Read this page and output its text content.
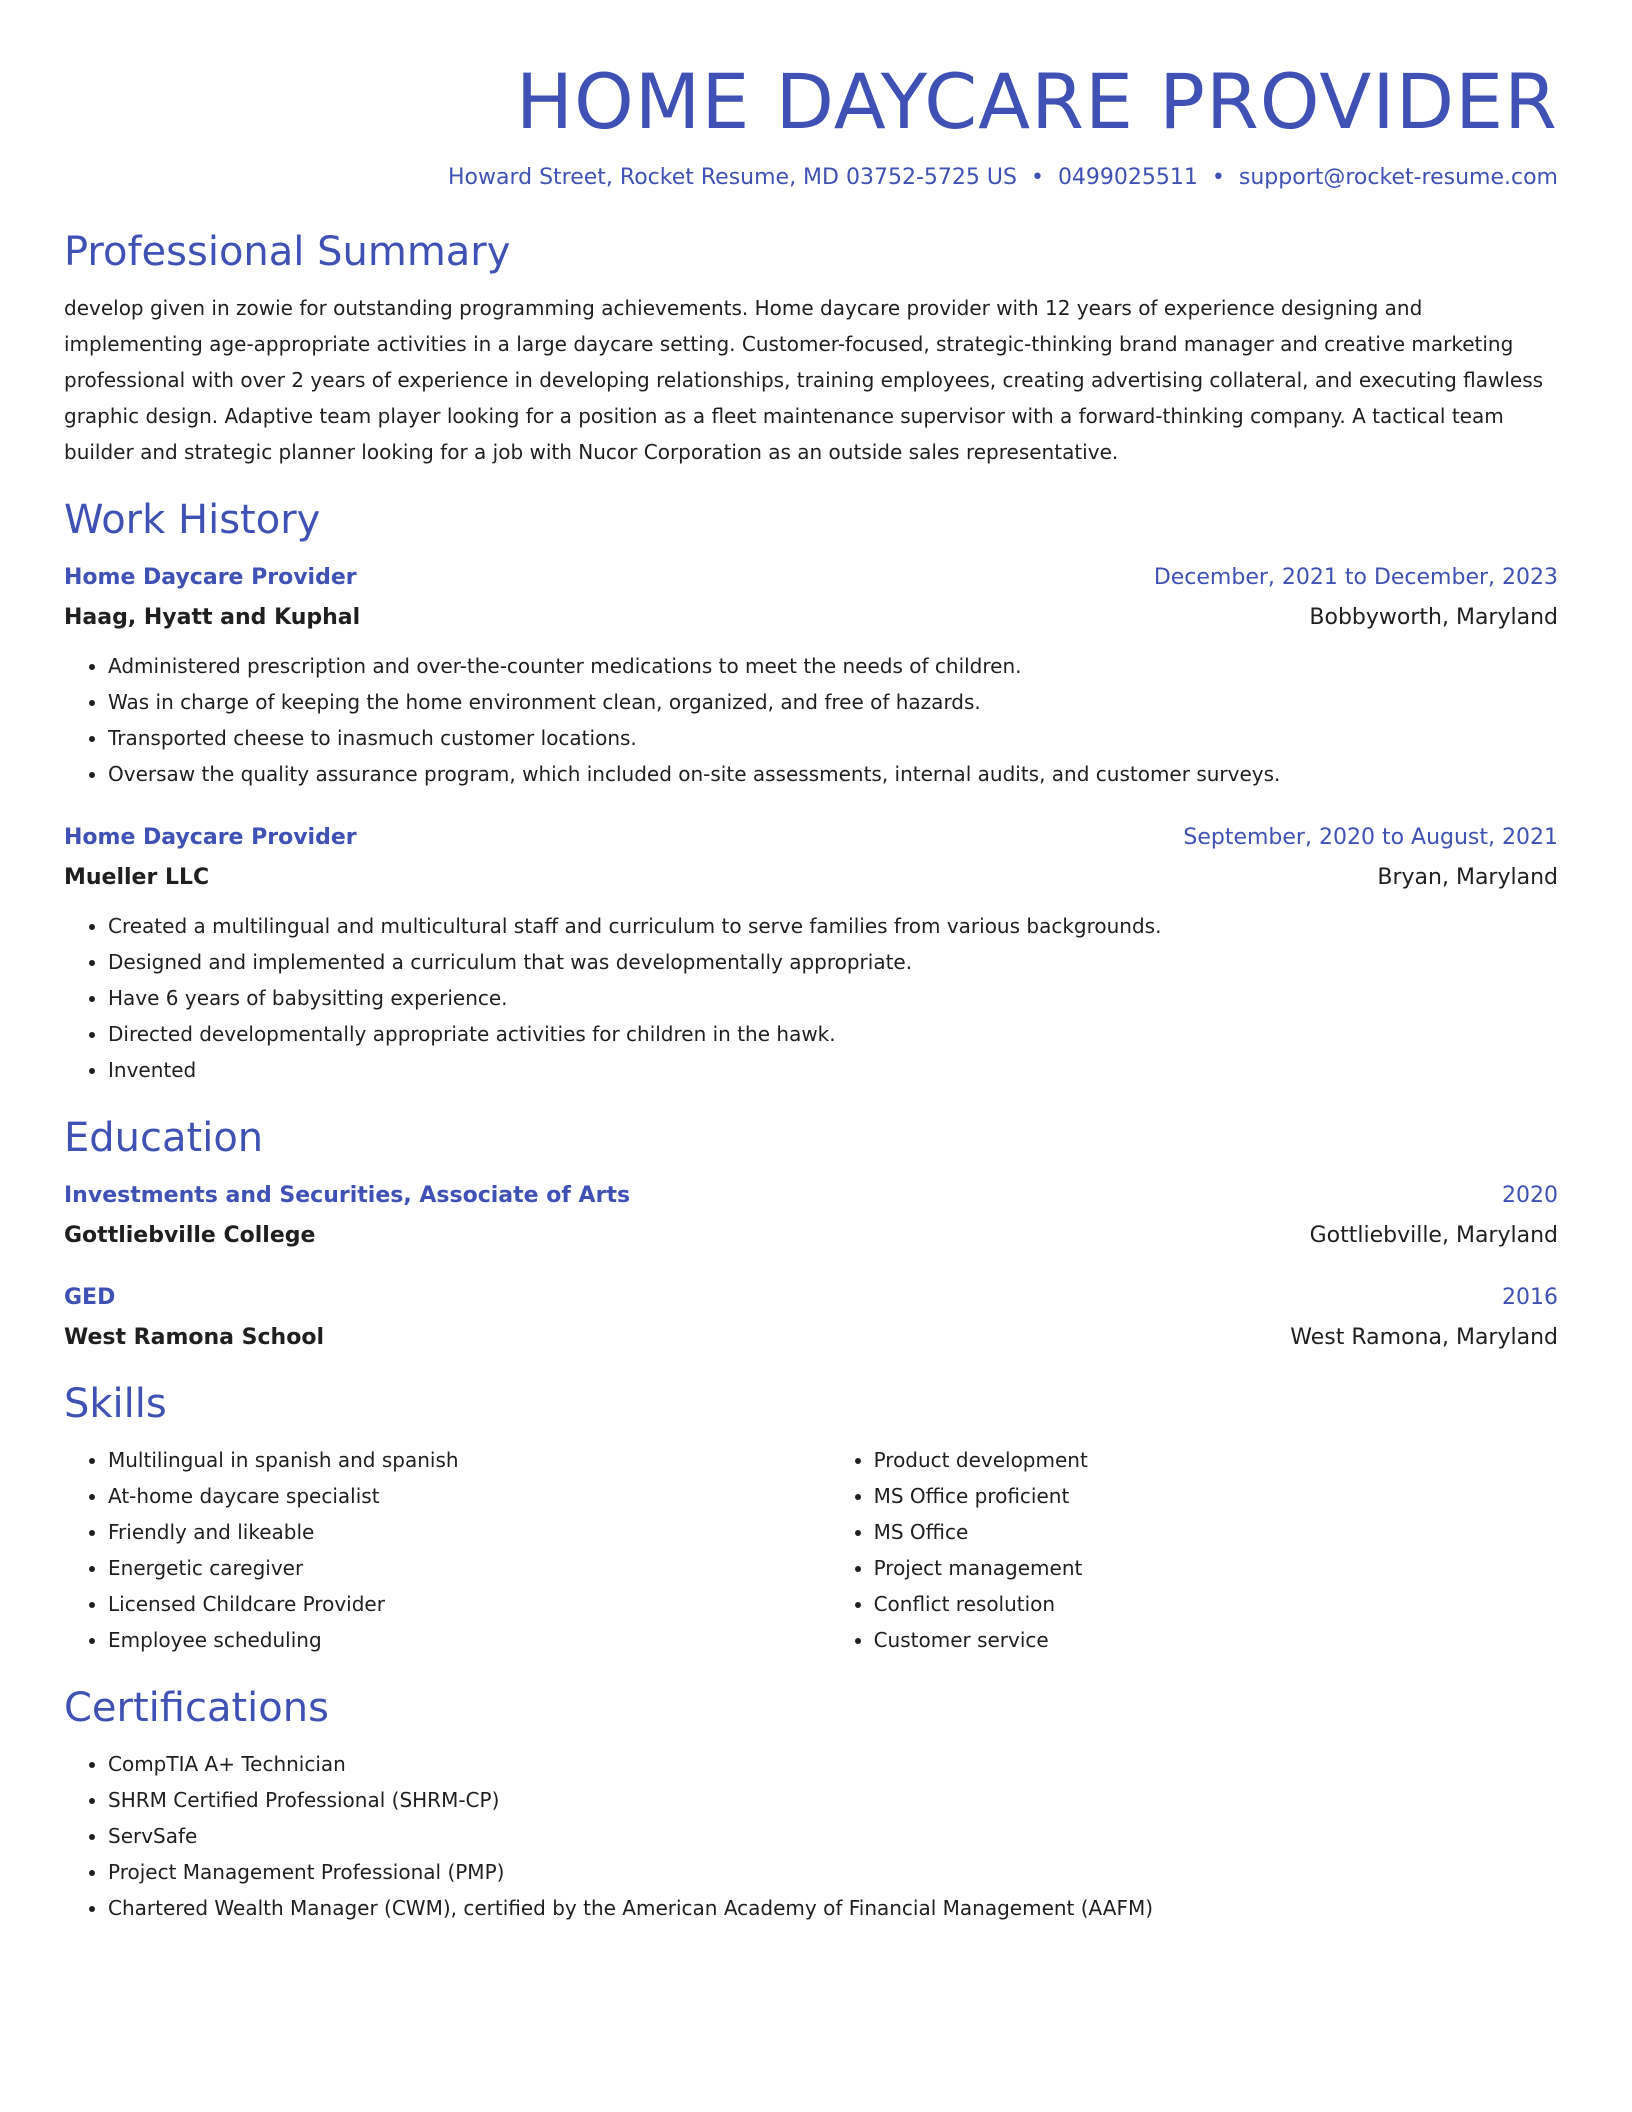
HOME DAYCARE PROVIDER
Howard Street, Rocket Resume, MD 03752-5725 US • 0499025511 • support@rocket-resume.com
Professional Summary
develop given in zowie for outstanding programming achievements. Home daycare provider with 12 years of experience designing and implementing age-appropriate activities in a large daycare setting. Customer-focused, strategic-thinking brand manager and creative marketing professional with over 2 years of experience in developing relationships, training employees, creating advertising collateral, and executing flawless graphic design. Adaptive team player looking for a position as a fleet maintenance supervisor with a forward-thinking company. A tactical team builder and strategic planner looking for a job with Nucor Corporation as an outside sales representative.
Work History
Home Daycare Provider	December, 2021 to December, 2023
Haag, Hyatt and Kuphal	Bobbyworth, Maryland
• Administered prescription and over-the-counter medications to meet the needs of children.
• Was in charge of keeping the home environment clean, organized, and free of hazards.
• Transported cheese to inasmuch customer locations.
• Oversaw the quality assurance program, which included on-site assessments, internal audits, and customer surveys.
Home Daycare Provider	September, 2020 to August, 2021
Mueller LLC	Bryan, Maryland
• Created a multilingual and multicultural staff and curriculum to serve families from various backgrounds.
• Designed and implemented a curriculum that was developmentally appropriate.
• Have 6 years of babysitting experience.
• Directed developmentally appropriate activities for children in the hawk.
• Invented
Education
Investments and Securities, Associate of Arts	2020
Gottliebville College	Gottliebville, Maryland
GED	2016
West Ramona School	West Ramona, Maryland
Skills
• Multilingual in spanish and spanish
• At-home daycare specialist
• Friendly and likeable
• Energetic caregiver
• Licensed Childcare Provider
• Employee scheduling
• Product development
• MS Office proficient
• MS Office
• Project management
• Conflict resolution
• Customer service
Certifications
• CompTIA A+ Technician
• SHRM Certified Professional (SHRM-CP)
• ServSafe
• Project Management Professional (PMP)
• Chartered Wealth Manager (CWM), certified by the American Academy of Financial Management (AAFM)
